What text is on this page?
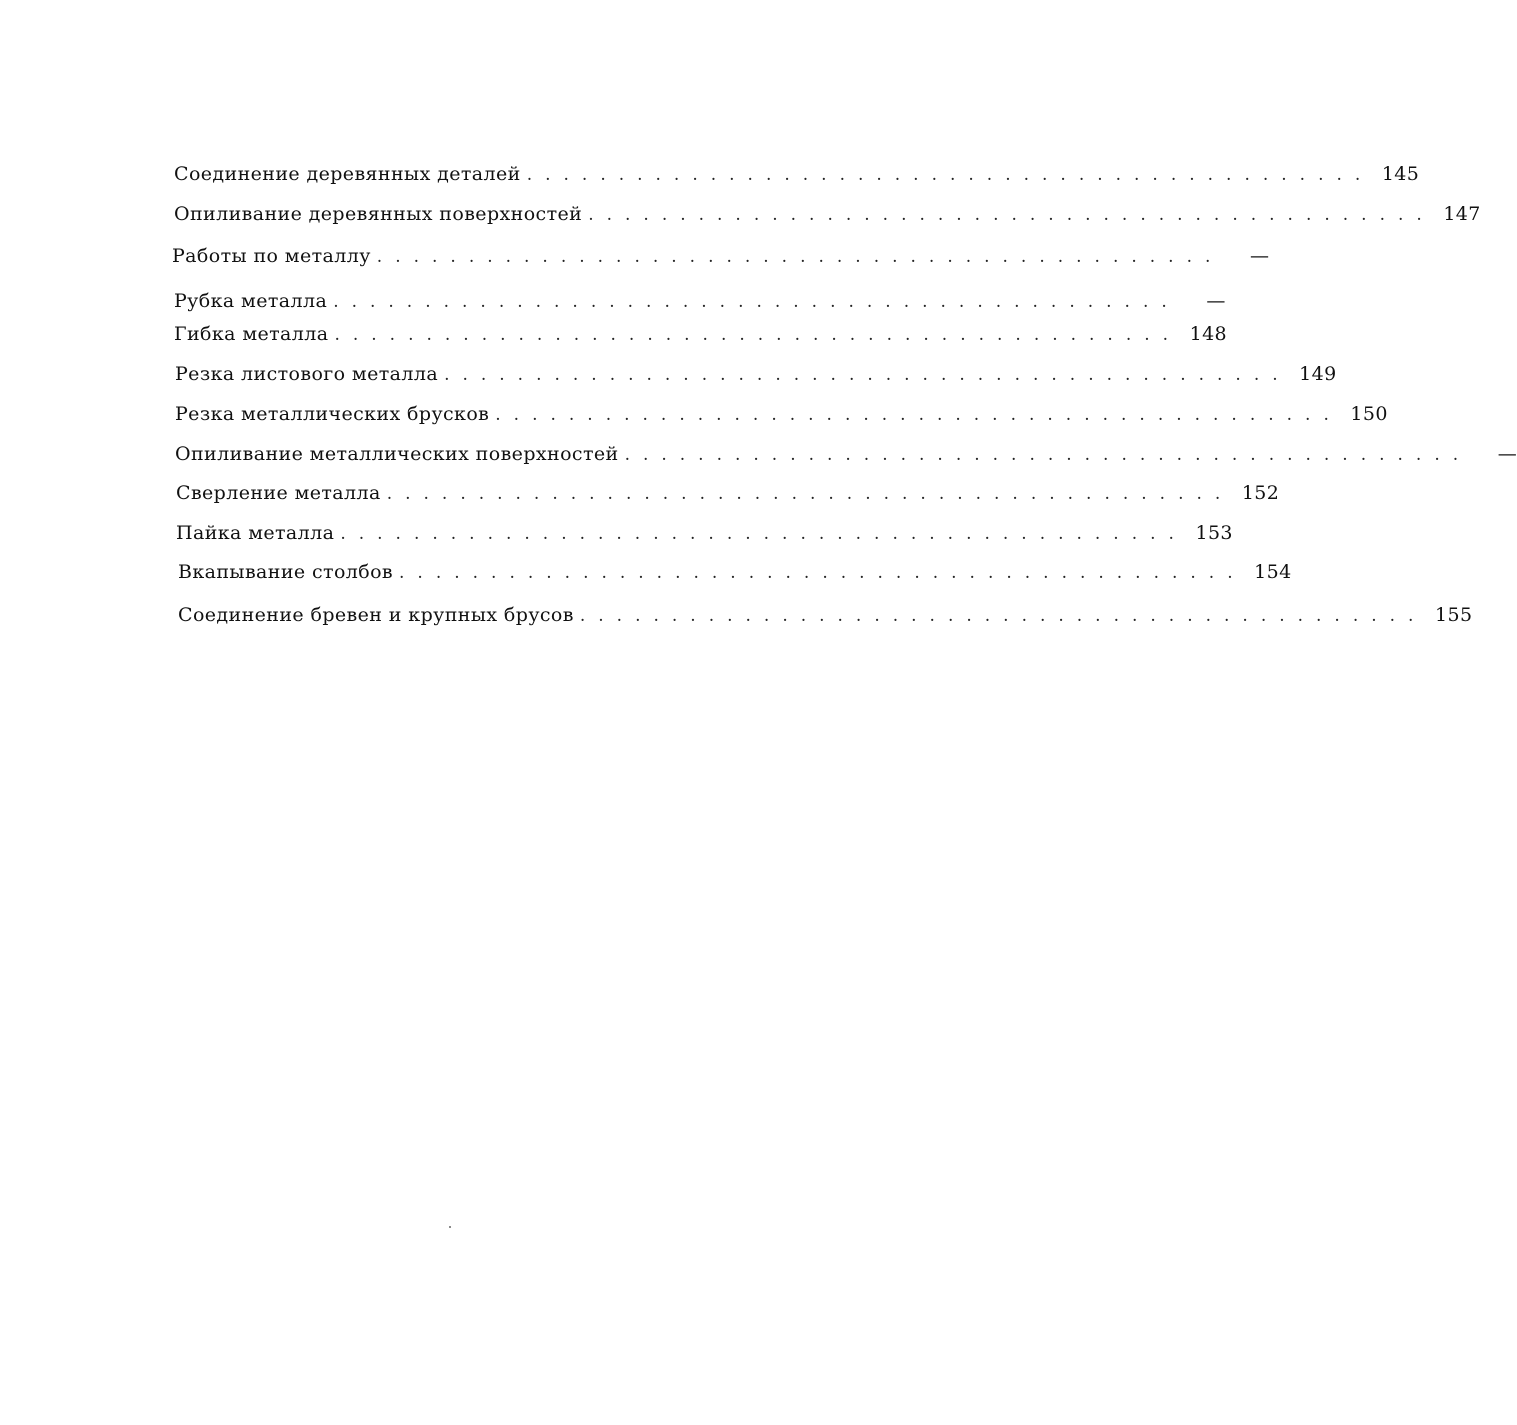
Соединение деревянных деталей .............................................. 145
Опиливание деревянных поверхностей .............................................. 147
Работы по металлу ..............................................	—
Рубка металла ..............................................	—
Гибка металла .............................................. 148
Резка листового металла .............................................. 149
Резка металлических брусков .............................................. 150
Опиливание металлических поверхностей ..............................................	—
Сверление металла .............................................. 152
Пайка металла .............................................. 153
Вкапывание столбов .............................................. 154
Соединение бревен и крупных брусов .............................................. 155
